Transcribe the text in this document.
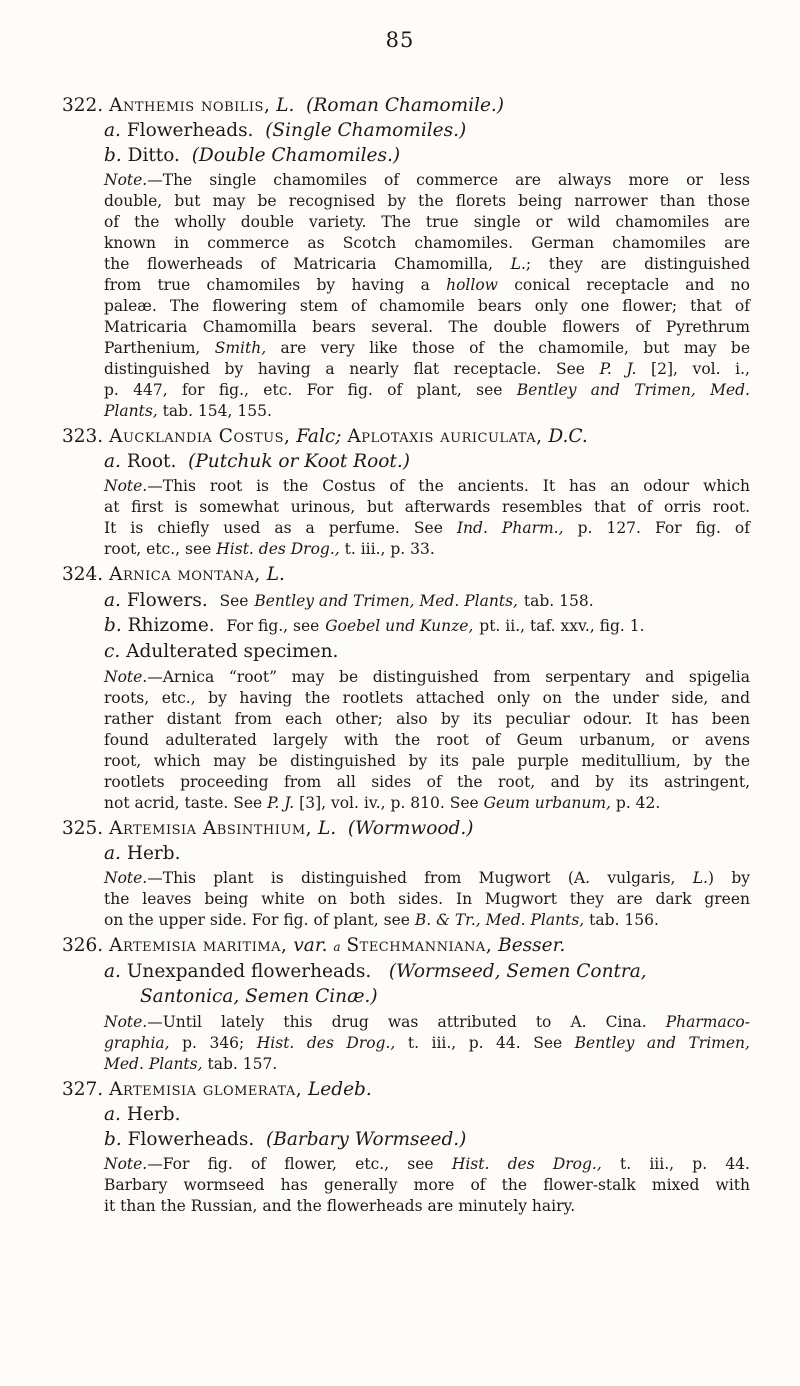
85
322. Anthemis nobilis, L. (Roman Chamomile.)
a. Flowerheads. (Single Chamomiles.)
b. Ditto. (Double Chamomiles.)
Note.—The single chamomiles of commerce are always more or less
double, but may be recognised by the florets being narrower than those
of the wholly double variety. The true single or wild chamomiles are
known in commerce as Scotch chamomiles. German chamomiles are
the flowerheads of Matricaria Chamomilla, L.; they are distinguished
from true chamomiles by having a hollow conical receptacle and no
paleæ. The flowering stem of chamomile bears only one flower; that of
Matricaria Chamomilla bears several. The double flowers of Pyrethrum
Parthenium, Smith, are very like those of the chamomile, but may be
distinguished by having a nearly flat receptacle. See P. J. [2], vol. i.,
p. 447, for fig., etc. For fig. of plant, see Bentley and Trimen, Med.
Plants, tab. 154, 155.
323. Aucklandia Costus, Falc; Aplotaxis auriculata, D.C.
a. Root. (Putchuk or Koot Root.)
Note.—This root is the Costus of the ancients. It has an odour which
at first is somewhat urinous, but afterwards resembles that of orris root.
It is chiefly used as a perfume. See Ind. Pharm., p. 127. For fig. of
root, etc., see Hist. des Drog., t. iii., p. 33.
324. Arnica montana, L.
a. Flowers. See Bentley and Trimen, Med. Plants, tab. 158.
b. Rhizome. For fig., see Goebel und Kunze, pt. ii., taf. xxv., fig. 1.
c. Adulterated specimen.
Note.—Arnica “root” may be distinguished from serpentary and spigelia
roots, etc., by having the rootlets attached only on the under side, and
rather distant from each other; also by its peculiar odour. It has been
found adulterated largely with the root of Geum urbanum, or avens
root, which may be distinguished by its pale purple meditullium, by the
rootlets proceeding from all sides of the root, and by its astringent,
not acrid, taste. See P. J. [3], vol. iv., p. 810. See Geum urbanum, p. 42.
325. Artemisia Absinthium, L. (Wormwood.)
a. Herb.
Note.—This plant is distinguished from Mugwort (A. vulgaris, L.) by
the leaves being white on both sides. In Mugwort they are dark green
on the upper side. For fig. of plant, see B. & Tr., Med. Plants, tab. 156.
326. Artemisia maritima, var. a Stechmanniana, Besser.
a. Unexpanded flowerheads. (Wormseed, Semen Contra,
Santonica, Semen Cinæ.)
Note.—Until lately this drug was attributed to A. Cina. Pharmaco-
graphia, p. 346; Hist. des Drog., t. iii., p. 44. See Bentley and Trimen,
Med. Plants, tab. 157.
327. Artemisia glomerata, Ledeb.
a. Herb.
b. Flowerheads. (Barbary Wormseed.)
Note.—For fig. of flower, etc., see Hist. des Drog., t. iii., p. 44.
Barbary wormseed has generally more of the flower-stalk mixed with
it than the Russian, and the flowerheads are minutely hairy.
